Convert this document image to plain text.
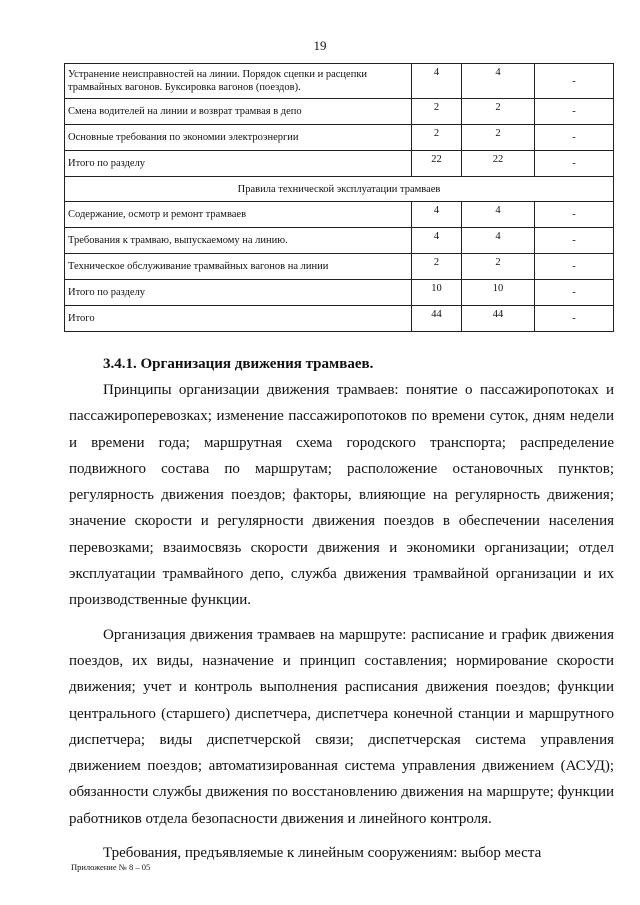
19
Устранение неисправностей на линии. Порядок сцепки и расцепки трамвайных вагонов. Буксировка вагонов (поездов).	4	4	-
Смена водителей на линии и возврат трамвая в депо	2	2	-
Основные требования по экономии электроэнергии	2	2	-
Итого по разделу	22	22	-
Правила технической эксплуатации трамваев			
Содержание, осмотр и ремонт трамваев	4	4	-
Требования к трамваю, выпускаемому на линию.	4	4	-
Техническое обслуживание трамвайных вагонов на линии	2	2	-
Итого по разделу	10	10	-
Итого	44	44	-
3.4.1. Организация движения трамваев.

Принципы организации движения трамваев: понятие о пассажиропотоках и пассажироперевозках; изменение пассажиропотоков по времени суток, дням недели и времени года; маршрутная схема городского транспорта; распределение подвижного состава по маршрутам; расположение остановочных пунктов; регулярность движения поездов; факторы, влияющие на регулярность движения; значение скорости и регулярности движения поездов в обеспечении населения перевозками; взаимосвязь скорости движения и экономики организации; отдел эксплуатации трамвайного депо, служба движения трамвайной организации и их производственные функции.

Организация движения трамваев на маршруте: расписание и график движения поездов, их виды, назначение и принцип составления; нормирование скорости движения; учет и контроль выполнения расписания движения поездов; функции центрального (старшего) диспетчера, диспетчера конечной станции и маршрутного диспетчера; виды диспетчерской связи; диспетчерская система управления движением поездов; автоматизированная система управления движением (АСУД); обязанности службы движения по восстановлению движения на маршруте; функции работников отдела безопасности движения и линейного контроля.

Требования, предъявляемые к линейным сооружениям: выбор места

Приложение № 8 – 05
